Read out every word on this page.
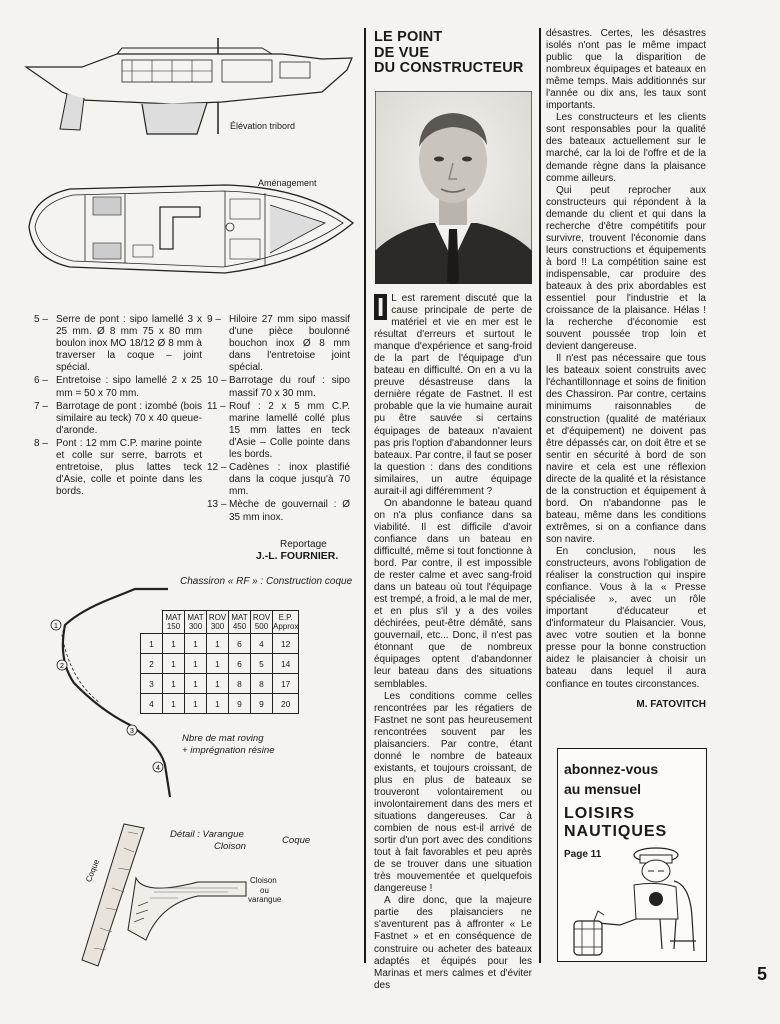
Élévation tribord
Aménagement
5 – Serre de pont : sipo lamellé 3 x 25 mm. Ø 8 mm 75 x 80 mm boulon inox MO 18/12 Ø 8 mm à traverser la coque – joint spécial.
6 – Entretoise : sipo lamellé 2 x 25 mm = 50 x 70 mm.
7 – Barrotage de pont : izombé (bois similaire au teck) 70 x 40 queue-d'aronde.
8 – Pont : 12 mm C.P. marine pointe et colle sur serre, barrots et entretoise, plus lattes teck d'Asie, colle et pointe dans les bords.
9 – Hiloire 27 mm sipo massif d'une pièce boulonné bouchon inox Ø 8 mm dans l'entretoise joint spécial.
10 – Barrotage du rouf : sipo massif 70 x 30 mm.
11 – Rouf : 2 x 5 mm C.P. marine lamellé collé plus 15 mm lattes en teck d'Asie – Colle pointe dans les bords.
12 – Cadènes : inox plastifié dans la coque jusqu'à 70 mm.
13 – Mèche de gouvernail : Ø 35 mm inox.
Reportage
J.-L. FOURNIER.
Chassiron « RF » : Construction coque
1
2
3
4
	MAT 150	MAT 300	ROV 300	MAT 450	ROV 500	E.P. Approx
1	1	1	1	6	4	12
2	1	1	1	6	5	14
3	1	1	1	8	8	17
4	1	1	1	9	9	20
Nbre de mat roving
+ imprégnation résine
Détail : Varangue
Cloison
Coque
Coque	Cloison
ou
varangue
LE POINT
DE VUE
DU CONSTRUCTEUR

I L est rarement discuté que la cause principale de perte de matériel et vie en mer est le résultat d'erreurs et surtout le manque d'expérience et sang-froid de la part de l'équipage d'un bateau en difficulté. On en a vu la preuve désastreuse dans la dernière régate de Fastnet. Il est probable que la vie humaine aurait pu être sauvée si certains équipages de bateaux n'avaient pas pris l'option d'abandonner leurs bateaux. Par contre, il faut se poser la question : dans des conditions similaires, un autre équipage aurait-il agi différemment ?

On abandonne le bateau quand on n'a plus confiance dans sa viabilité. Il est difficile d'avoir confiance dans un bateau en difficulté, même si tout fonctionne à bord. Par contre, il est impossible de rester calme et avec sang-froid dans un bateau où tout l'équipage est trempé, a froid, a le mal de mer, et en plus s'il y a des voiles déchirées, peut-être démâté, sans gouvernail, etc... Donc, il n'est pas étonnant que de nombreux équipages optent d'abandonner leur bateau dans des situations semblables.

Les conditions comme celles rencontrées par les régatiers de Fastnet ne sont pas heureusement rencontrées souvent par les plaisanciers. Par contre, étant donné le nombre de bateaux existants, et toujours croissant, de plus en plus de bateaux se trouveront volontairement ou involontairement dans des mers et situations dangereuses. Car à combien de nous est-il arrivé de sortir d'un port avec des conditions tout à fait favorables et peu après de se trouver dans une situation très mouvementée et quelquefois dangereuse !

A dire donc, que la majeure partie des plaisanciers ne s'aventurent pas à affronter « Le Fastnet » et en conséquence de construire ou acheter des bateaux adaptés et équipés pour les Marinas et mers calmes et d'éviter des

désastres. Certes, les désastres isolés n'ont pas le même impact public que la disparition de nombreux équipages et bateaux en même temps. Mais additionnés sur l'année ou dix ans, les taux sont importants.

Les constructeurs et les clients sont responsables pour la qualité des bateaux actuellement sur le marché, car la loi de l'offre et de la demande règne dans la plaisance comme ailleurs.

Qui peut reprocher aux constructeurs qui répondent à la demande du client et qui dans la recherche d'être compétitifs pour survivre, trouvent l'économie dans leurs constructions et équipements à bord !! La compétition saine est indispensable, car produire des bateaux à des prix abordables est essentiel pour l'industrie et la croissance de la plaisance. Hélas ! la recherche d'économie est souvent poussée trop loin et devient dangereuse.

Il n'est pas nécessaire que tous les bateaux soient construits avec l'échantillonnage et soins de finition des Chassiron. Par contre, certains minimums raisonnables de construction (qualité de matériaux et d'équipement) ne doivent pas être dépassés car, on doit être et se sentir en sécurité à bord de son navire et cela est une réflexion directe de la qualité et la résistance de la construction et équipement à bord. On n'abandonne pas le bateau, même dans les conditions extrêmes, si on a confiance dans son navire.

En conclusion, nous les constructeurs, avons l'obligation de réaliser la construction qui inspire confiance. Vous à la « Presse spécialisée », avec un rôle important d'éducateur et d'informateur du Plaisancier. Vous, avec votre soutien et la bonne presse pour la bonne construction aidez le plaisancier à choisir un bateau dans lequel il aura confiance en toutes circonstances.

M. FATOVITCH
abonnez-vous
au mensuel
LOISIRS
NAUTIQUES
Page 11
5
